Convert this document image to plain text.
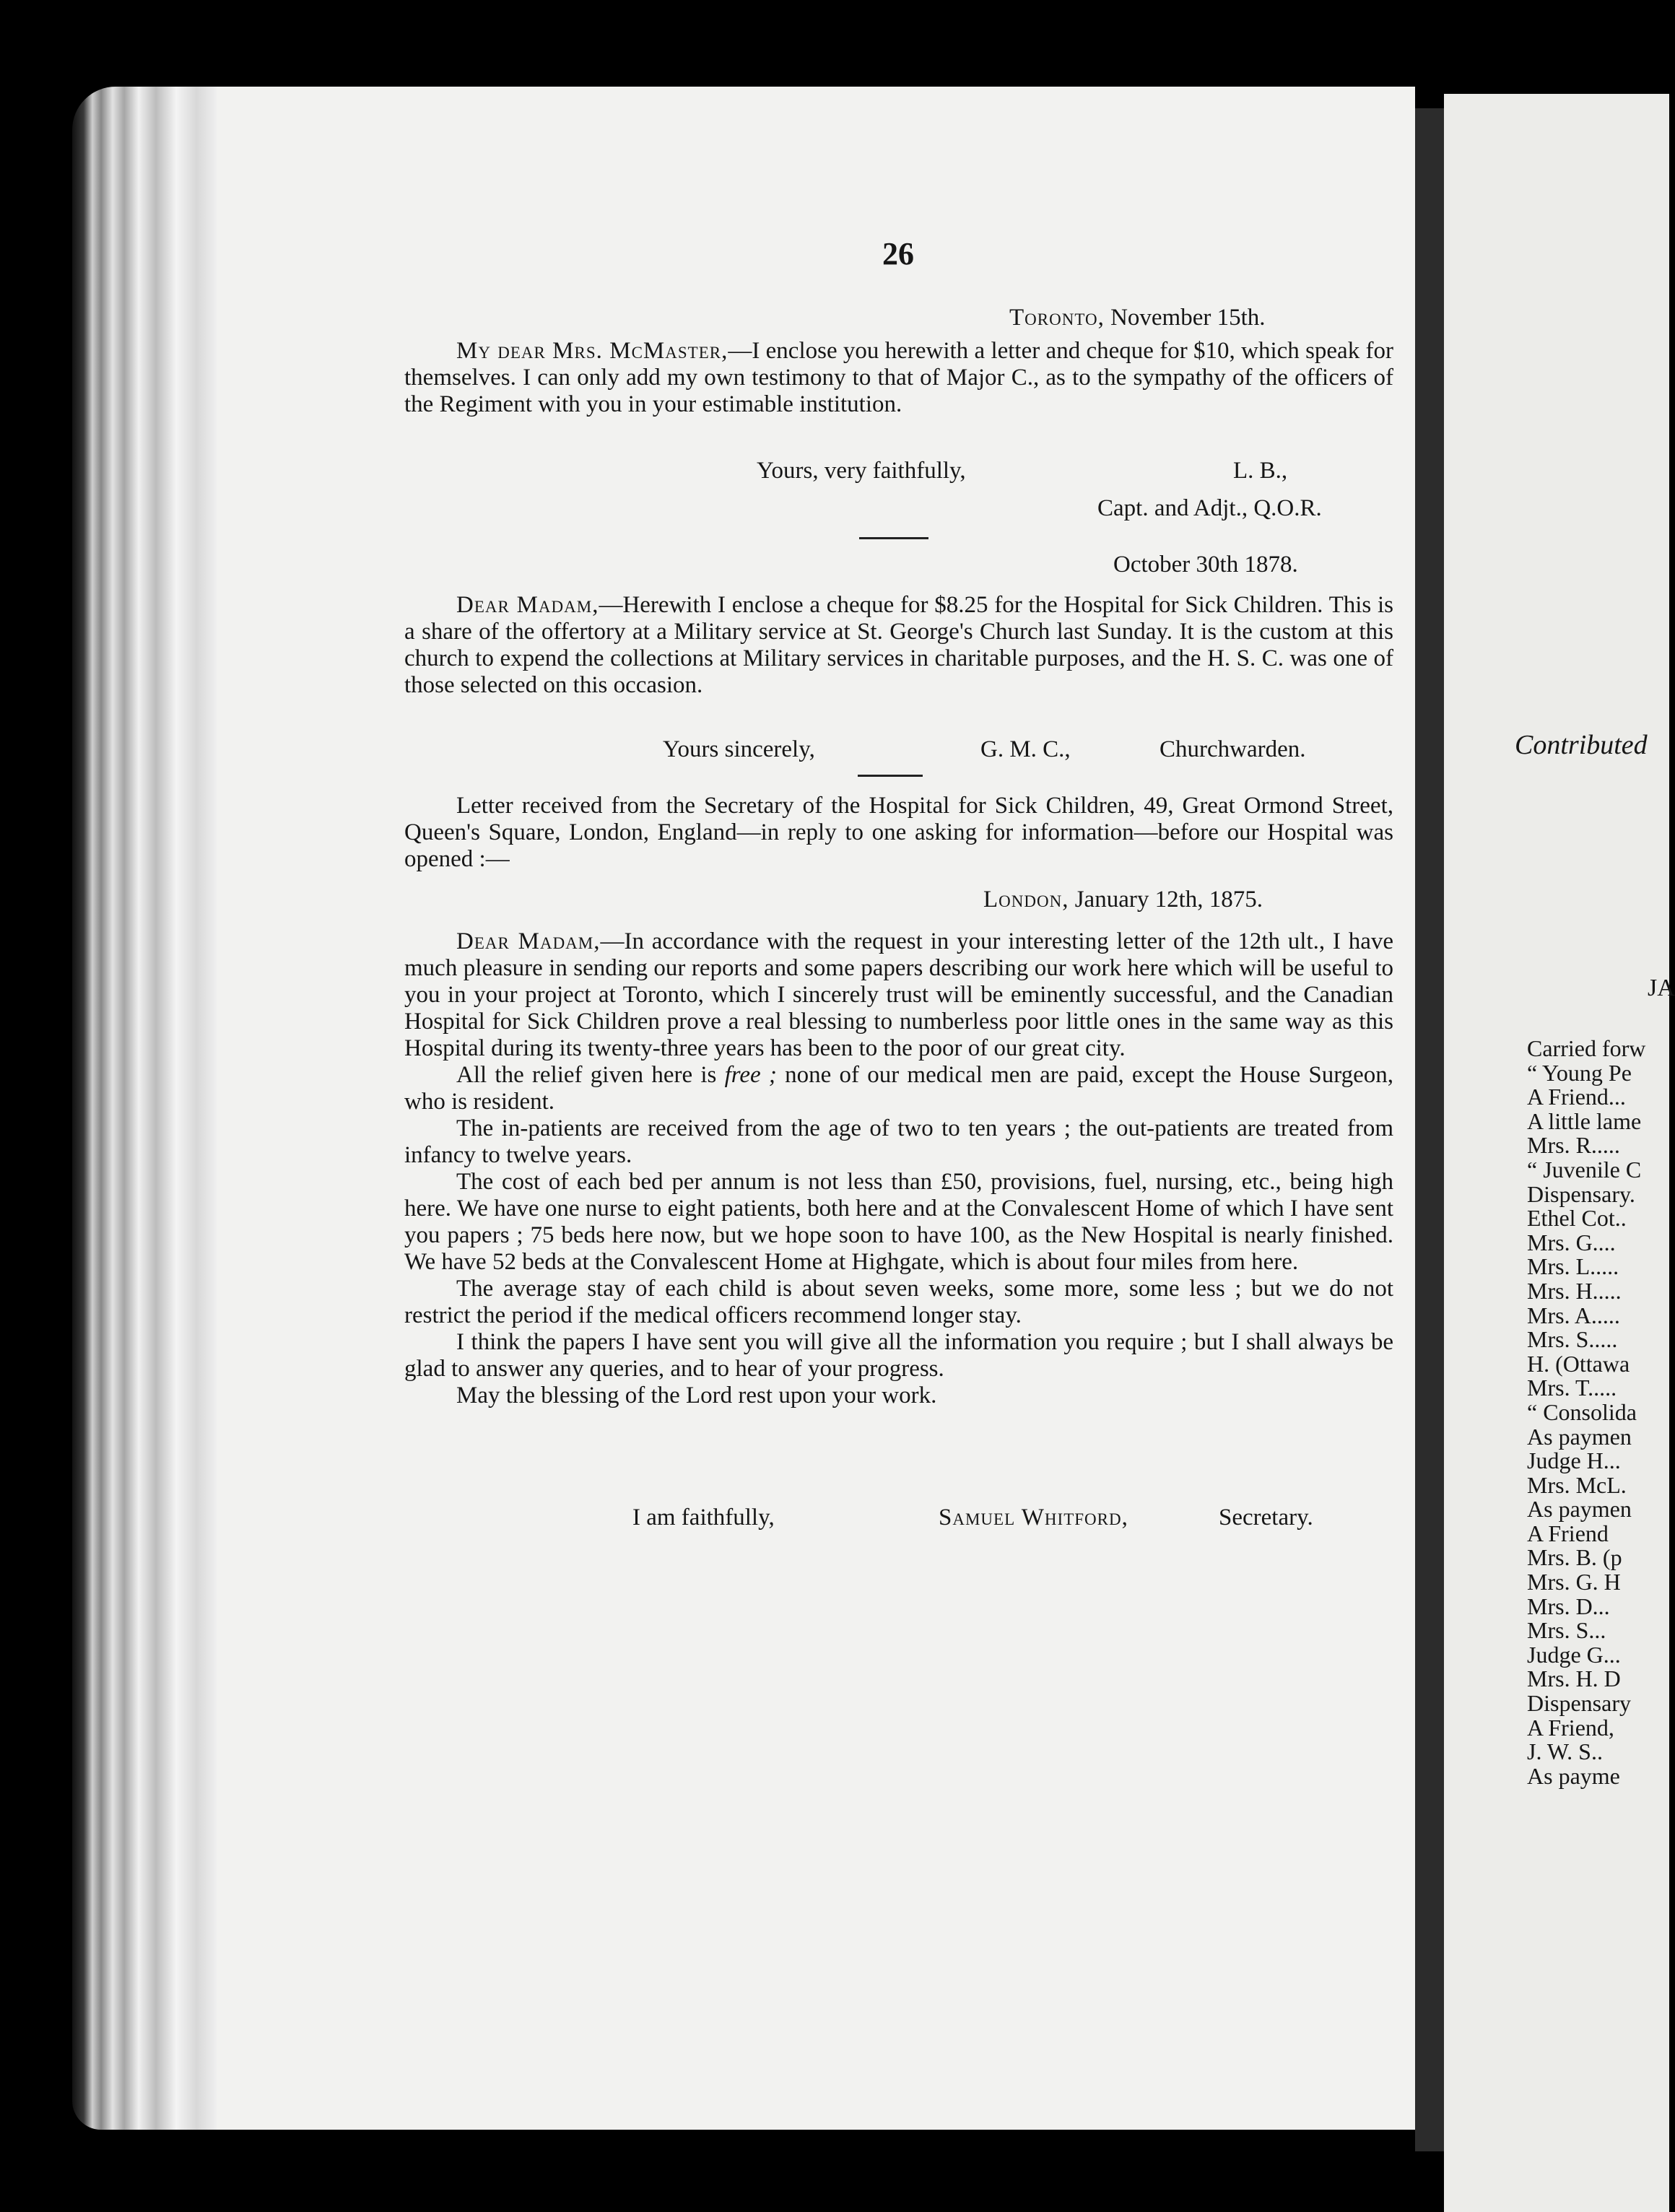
26
Toronto, November 15th.
My dear Mrs. McMaster,—I enclose you herewith a letter and cheque for $10, which speak for themselves. I can only add my own testimony to that of Major C., as to the sympathy of the officers of the Regiment with you in your estimable institution.
Yours, very faithfully,	L. B.,
Capt. and Adjt., Q.O.R.
October 30th 1878.
Dear Madam,—Herewith I enclose a cheque for $8.25 for the Hospital for Sick Children. This is a share of the offertory at a Military service at St. George's Church last Sunday. It is the custom at this church to expend the collections at Military services in charitable purposes, and the H. S. C. was one of those selected on this occasion.
Yours sincerely,	G. M. C.,	Churchwarden.
Letter received from the Secretary of the Hospital for Sick Children, 49, Great Ormond Street, Queen's Square, London, England—in reply to one asking for information—before our Hospital was opened :—
London, January 12th, 1875.
Dear Madam,—In accordance with the request in your interesting letter of the 12th ult., I have much pleasure in sending our reports and some papers describing our work here which will be useful to you in your project at Toronto, which I sincerely trust will be eminently successful, and the Canadian Hospital for Sick Children prove a real blessing to numberless poor little ones in the same way as this Hospital during its twenty-three years has been to the poor of our great city.
All the relief given here is free ; none of our medical men are paid, except the House Surgeon, who is resident.
The in-patients are received from the age of two to ten years ; the out-patients are treated from infancy to twelve years.
The cost of each bed per annum is not less than £50, provisions, fuel, nursing, etc., being high here. We have one nurse to eight patients, both here and at the Convalescent Home of which I have sent you papers ; 75 beds here now, but we hope soon to have 100, as the New Hospital is nearly finished. We have 52 beds at the Convalescent Home at Highgate, which is about four miles from here.
The average stay of each child is about seven weeks, some more, some less ; but we do not restrict the period if the medical officers recommend longer stay.
I think the papers I have sent you will give all the information you require ; but I shall always be glad to answer any queries, and to hear of your progress.
May the blessing of the Lord rest upon your work.
I am faithfully,	Samuel Whitford,	Secretary.
Contributed
JA
Carried forw
“ Young Pe
A Friend...
A little lame
Mrs. R.....
“ Juvenile C
Dispensary.
Ethel Cot..
Mrs. G....
Mrs. L.....
Mrs. H.....
Mrs. A.....
Mrs. S.....
H. (Ottawa
Mrs. T.....
“ Consolida
As paymen
Judge H...
Mrs. McL.
As paymen
A Friend
Mrs. B. (p
Mrs. G. H
Mrs. D...
Mrs. S...
Judge G...
Mrs. H. D
Dispensary
A Friend,
J. W. S..
As payme
